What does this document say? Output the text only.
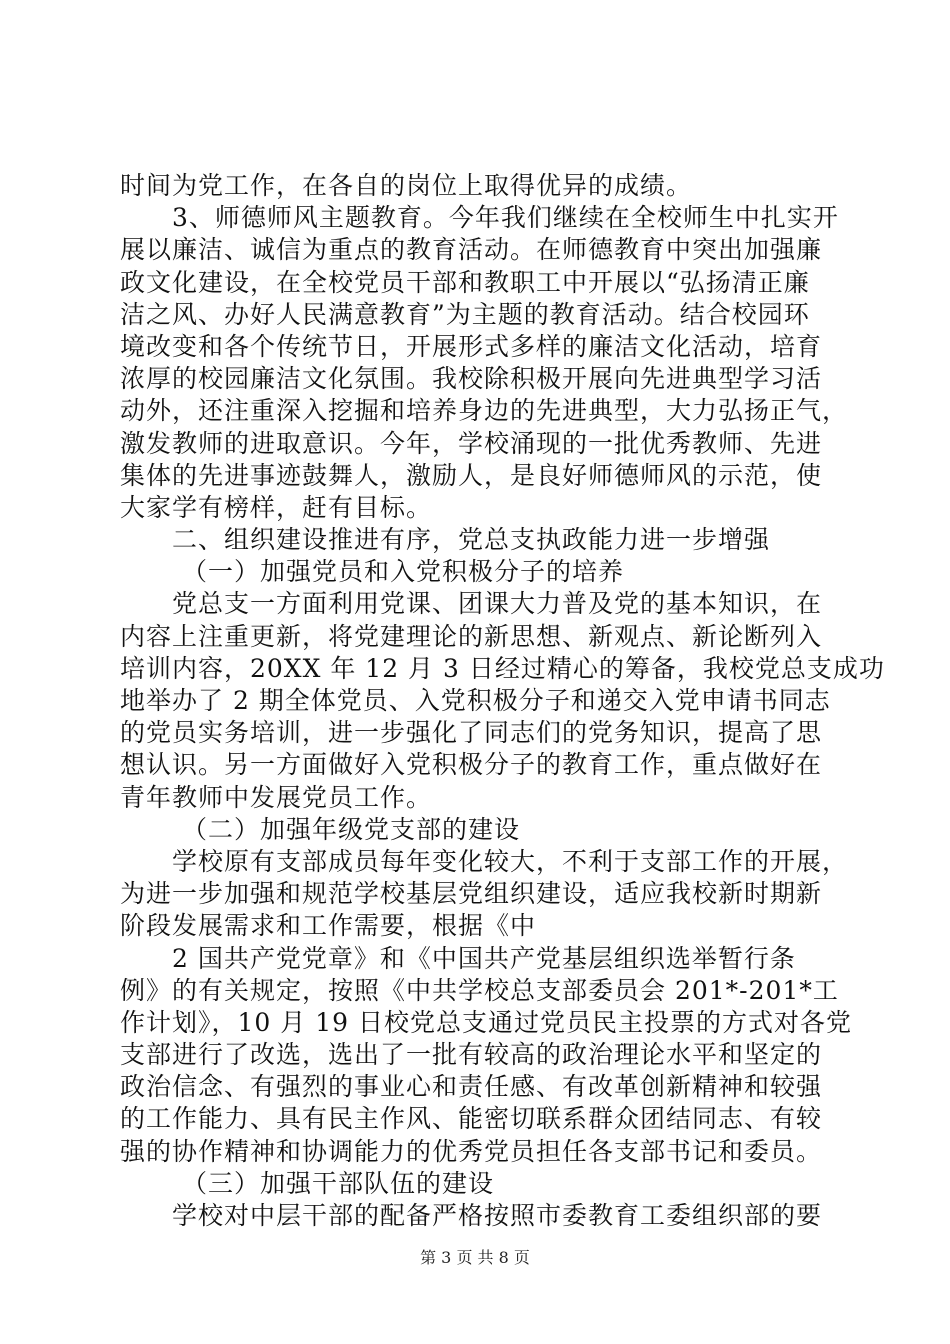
时间为党工作，在各自的岗位上取得优异的成绩。
3、师德师风主题教育。今年我们继续在全校师生中扎实开
展以廉洁、诚信为重点的教育活动。在师德教育中突出加强廉
政文化建设，在全校党员干部和教职工中开展以“弘扬清正廉
洁之风、办好人民满意教育”为主题的教育活动。结合校园环
境改变和各个传统节日，开展形式多样的廉洁文化活动，培育
浓厚的校园廉洁文化氛围。我校除积极开展向先进典型学习活
动外，还注重深入挖掘和培养身边的先进典型，大力弘扬正气，
激发教师的进取意识。今年，学校涌现的一批优秀教师、先进
集体的先进事迹鼓舞人，激励人，是良好师德师风的示范，使
大家学有榜样，赶有目标。
二、组织建设推进有序，党总支执政能力进一步增强
（一）加强党员和入党积极分子的培养
党总支一方面利用党课、团课大力普及党的基本知识，在
内容上注重更新，将党建理论的新思想、新观点、新论断列入
培训内容，20XX 年 12 月 3 日经过精心的筹备，我校党总支成功
地举办了 2 期全体党员、入党积极分子和递交入党申请书同志
的党员实务培训，进一步强化了同志们的党务知识，提高了思
想认识。另一方面做好入党积极分子的教育工作，重点做好在
青年教师中发展党员工作。
（二）加强年级党支部的建设
学校原有支部成员每年变化较大，不利于支部工作的开展，
为进一步加强和规范学校基层党组织建设，适应我校新时期新
阶段发展需求和工作需要，根据《中
2 国共产党党章》和《中国共产党基层组织选举暂行条
例》的有关规定，按照《中共学校总支部委员会 201*-201*工
作计划》，10 月 19 日校党总支通过党员民主投票的方式对各党
支部进行了改选，选出了一批有较高的政治理论水平和坚定的
政治信念、有强烈的事业心和责任感、有改革创新精神和较强
的工作能力、具有民主作风、能密切联系群众团结同志、有较
强的协作精神和协调能力的优秀党员担任各支部书记和委员。
（三）加强干部队伍的建设
学校对中层干部的配备严格按照市委教育工委组织部的要
第 3 页 共 8 页
